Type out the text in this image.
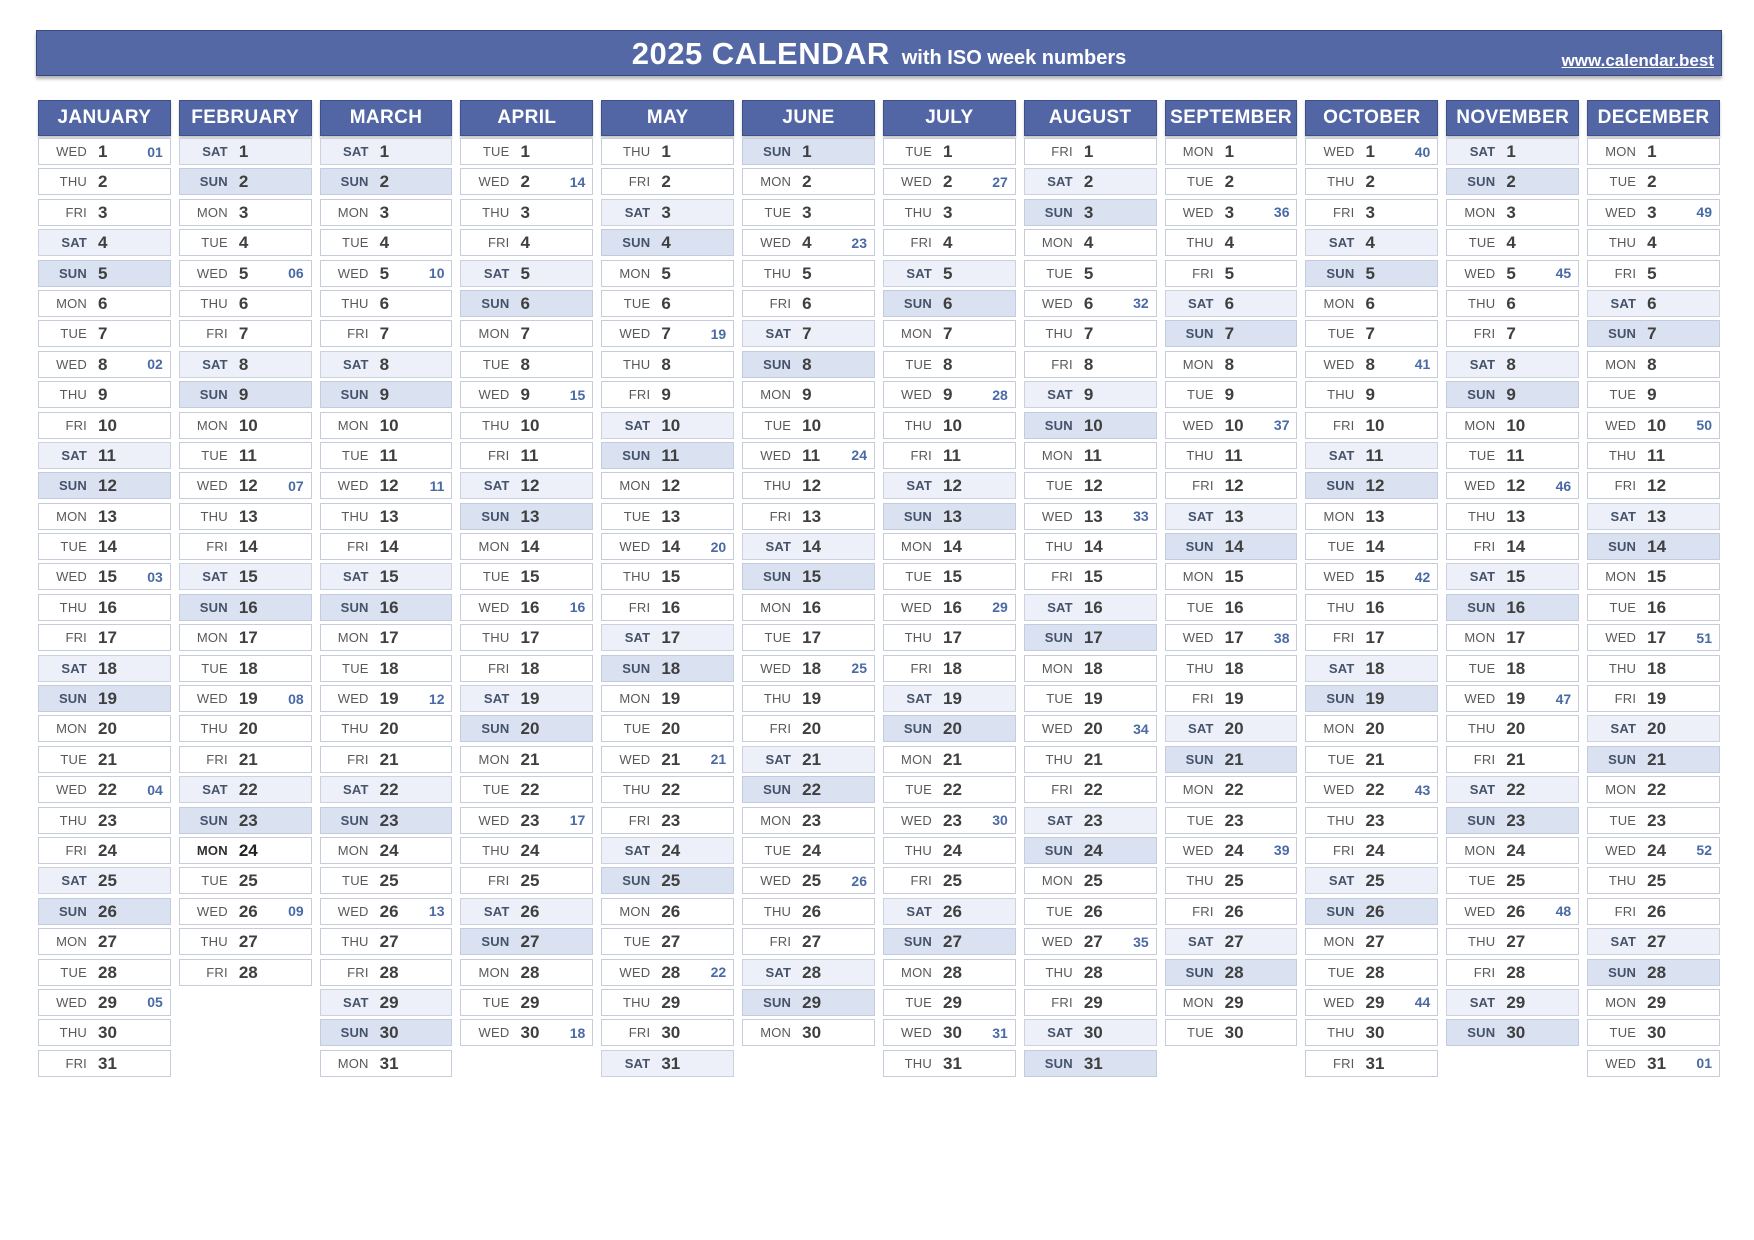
2025 CALENDAR with ISO week numbers	www.calendar.best
JANUARY
WED 1	01
THU 2
FRI 3
SAT 4
SUN 5
MON 6
TUE 7
WED 8	02
THU 9
FRI 10
SAT 11
SUN 12
MON 13
TUE 14
WED 15	03
THU 16
FRI 17
SAT 18
SUN 19
MON 20
TUE 21
WED 22	04
THU 23
FRI 24
SAT 25
SUN 26
MON 27
TUE 28
WED 29	05
THU 30
FRI 31
FEBRUARY
SAT 1
SUN 2
MON 3
TUE 4
WED 5	06
THU 6
FRI 7
SAT 8
SUN 9
MON 10
TUE 11
WED 12	07
THU 13
FRI 14
SAT 15
SUN 16
MON 17
TUE 18
WED 19	08
THU 20
FRI 21
SAT 22
SUN 23
MON 24
TUE 25
WED 26	09
THU 27
FRI 28
MARCH
SAT 1
SUN 2
MON 3
TUE 4
WED 5	10
THU 6
FRI 7
SAT 8
SUN 9
MON 10
TUE 11
WED 12	11
THU 13
FRI 14
SAT 15
SUN 16
MON 17
TUE 18
WED 19	12
THU 20
FRI 21
SAT 22
SUN 23
MON 24
TUE 25
WED 26	13
THU 27
FRI 28
SAT 29
SUN 30
MON 31
APRIL
TUE 1
WED 2	14
THU 3
FRI 4
SAT 5
SUN 6
MON 7
TUE 8
WED 9	15
THU 10
FRI 11
SAT 12
SUN 13
MON 14
TUE 15
WED 16	16
THU 17
FRI 18
SAT 19
SUN 20
MON 21
TUE 22
WED 23	17
THU 24
FRI 25
SAT 26
SUN 27
MON 28
TUE 29
WED 30	18
MAY
THU 1
FRI 2
SAT 3
SUN 4
MON 5
TUE 6
WED 7	19
THU 8
FRI 9
SAT 10
SUN 11
MON 12
TUE 13
WED 14	20
THU 15
FRI 16
SAT 17
SUN 18
MON 19
TUE 20
WED 21	21
THU 22
FRI 23
SAT 24
SUN 25
MON 26
TUE 27
WED 28	22
THU 29
FRI 30
SAT 31
JUNE
SUN 1
MON 2
TUE 3
WED 4	23
THU 5
FRI 6
SAT 7
SUN 8
MON 9
TUE 10
WED 11	24
THU 12
FRI 13
SAT 14
SUN 15
MON 16
TUE 17
WED 18	25
THU 19
FRI 20
SAT 21
SUN 22
MON 23
TUE 24
WED 25	26
THU 26
FRI 27
SAT 28
SUN 29
MON 30
JULY
TUE 1
WED 2	27
THU 3
FRI 4
SAT 5
SUN 6
MON 7
TUE 8
WED 9	28
THU 10
FRI 11
SAT 12
SUN 13
MON 14
TUE 15
WED 16	29
THU 17
FRI 18
SAT 19
SUN 20
MON 21
TUE 22
WED 23	30
THU 24
FRI 25
SAT 26
SUN 27
MON 28
TUE 29
WED 30	31
THU 31
AUGUST
FRI 1
SAT 2
SUN 3
MON 4
TUE 5
WED 6	32
THU 7
FRI 8
SAT 9
SUN 10
MON 11
TUE 12
WED 13	33
THU 14
FRI 15
SAT 16
SUN 17
MON 18
TUE 19
WED 20	34
THU 21
FRI 22
SAT 23
SUN 24
MON 25
TUE 26
WED 27	35
THU 28
FRI 29
SAT 30
SUN 31
SEPTEMBER
MON 1
TUE 2
WED 3	36
THU 4
FRI 5
SAT 6
SUN 7
MON 8
TUE 9
WED 10	37
THU 11
FRI 12
SAT 13
SUN 14
MON 15
TUE 16
WED 17	38
THU 18
FRI 19
SAT 20
SUN 21
MON 22
TUE 23
WED 24	39
THU 25
FRI 26
SAT 27
SUN 28
MON 29
TUE 30
OCTOBER
WED 1	40
THU 2
FRI 3
SAT 4
SUN 5
MON 6
TUE 7
WED 8	41
THU 9
FRI 10
SAT 11
SUN 12
MON 13
TUE 14
WED 15	42
THU 16
FRI 17
SAT 18
SUN 19
MON 20
TUE 21
WED 22	43
THU 23
FRI 24
SAT 25
SUN 26
MON 27
TUE 28
WED 29	44
THU 30
FRI 31
NOVEMBER
SAT 1
SUN 2
MON 3
TUE 4
WED 5	45
THU 6
FRI 7
SAT 8
SUN 9
MON 10
TUE 11
WED 12	46
THU 13
FRI 14
SAT 15
SUN 16
MON 17
TUE 18
WED 19	47
THU 20
FRI 21
SAT 22
SUN 23
MON 24
TUE 25
WED 26	48
THU 27
FRI 28
SAT 29
SUN 30
DECEMBER
MON 1
TUE 2
WED 3	49
THU 4
FRI 5
SAT 6
SUN 7
MON 8
TUE 9
WED 10	50
THU 11
FRI 12
SAT 13
SUN 14
MON 15
TUE 16
WED 17	51
THU 18
FRI 19
SAT 20
SUN 21
MON 22
TUE 23
WED 24	52
THU 25
FRI 26
SAT 27
SUN 28
MON 29
TUE 30
WED 31	01
